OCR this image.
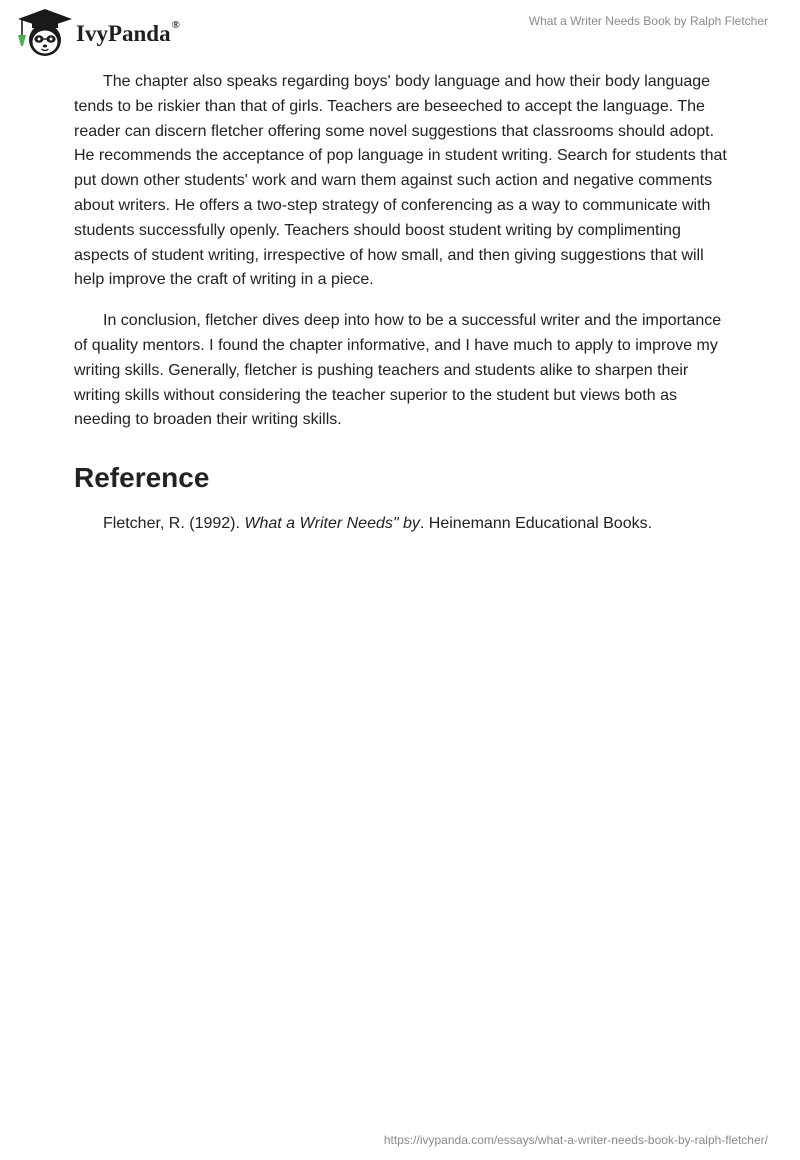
IvyPanda®	What a Writer Needs Book by Ralph Fletcher

The chapter also speaks regarding boys' body language and how their body language tends to be riskier than that of girls. Teachers are beseeched to accept the language. The reader can discern fletcher offering some novel suggestions that classrooms should adopt. He recommends the acceptance of pop language in student writing. Search for students that put down other students' work and warn them against such action and negative comments about writers. He offers a two-step strategy of conferencing as a way to communicate with students successfully openly. Teachers should boost student writing by complimenting aspects of student writing, irrespective of how small, and then giving suggestions that will help improve the craft of writing in a piece.

In conclusion, fletcher dives deep into how to be a successful writer and the importance of quality mentors. I found the chapter informative, and I have much to apply to improve my writing skills. Generally, fletcher is pushing teachers and students alike to sharpen their writing skills without considering the teacher superior to the student but views both as needing to broaden their writing skills.

Reference

Fletcher, R. (1992). What a Writer Needs" by. Heinemann Educational Books.

https://ivypanda.com/essays/what-a-writer-needs-book-by-ralph-fletcher/
